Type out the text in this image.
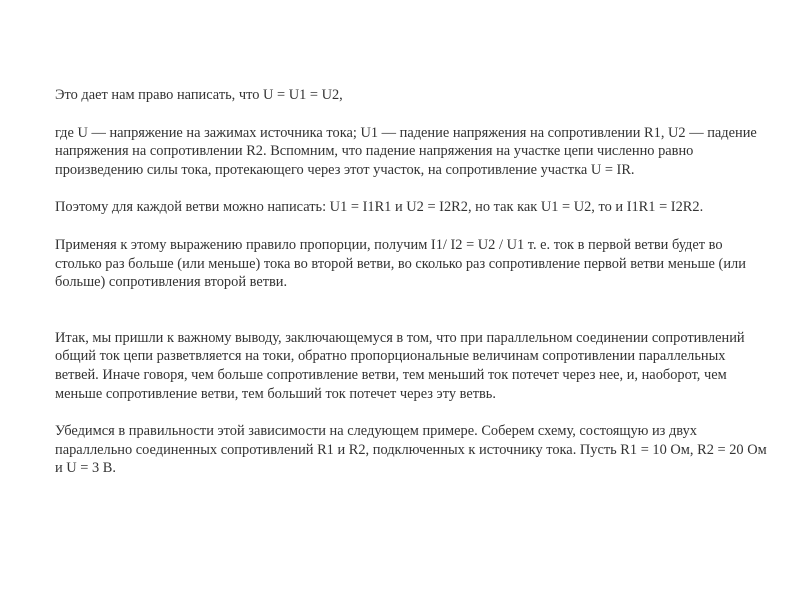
Это дает нам право написать, что U = U1 = U2,

где U — напряжение на зажимах источника тока; U1 — падение напряжения на сопротивлении R1, U2 — падение напряжения на сопротивлении R2. Вспомним, что падение напряжения на участке цепи численно равно произведению силы тока, протекающего через этот участок, на сопротивление участка U = IR.

Поэтому для каждой ветви можно написать: U1 = I1R1 и U2 = I2R2, но так как U1 = U2, то и I1R1 = I2R2.

Применяя к этому выражению правило пропорции, получим I1/ I2 = U2 / U1 т. е. ток в первой ветви будет во столько раз больше (или меньше) тока во второй ветви, во сколько раз сопротивление первой ветви меньше (или больше) сопротивления второй ветви.

Итак, мы пришли к важному выводу, заключающемуся в том, что при параллельном соединении сопротивлений общий ток цепи разветвляется на токи, обратно пропорциональные величинам сопротивлении параллельных ветвей. Иначе говоря, чем больше сопротивление ветви, тем меньший ток потечет через нее, и, наоборот, чем меньше сопротивление ветви, тем больший ток потечет через эту ветвь.

Убедимся в правильности этой зависимости на следующем примере. Соберем схему, состоящую из двух параллельно соединенных сопротивлений R1 и R2, подключенных к источнику тока. Пусть R1 = 10 Ом, R2 = 20 Ом и U = 3 В.
